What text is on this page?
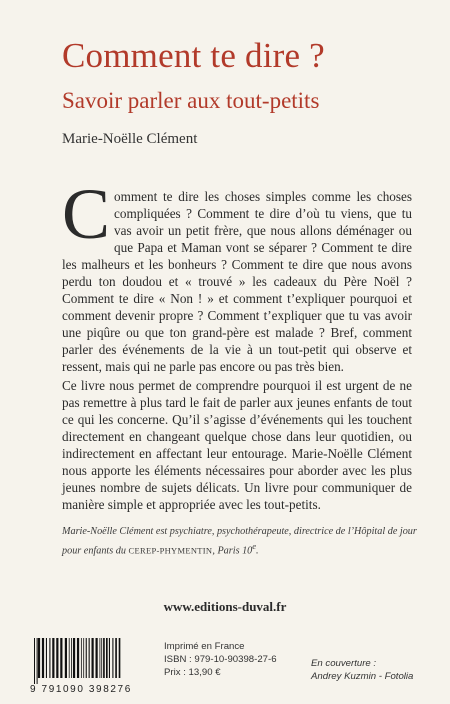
Comment te dire ?
Savoir parler aux tout-petits

Marie-Noëlle Clément

Comment te dire les choses simples comme les choses compliquées ? Comment te dire d’où tu viens, que tu vas avoir un petit frère, que nous allons déménager ou que Papa et Maman vont se séparer ? Comment te dire les malheurs et les bonheurs ? Comment te dire que nous avons perdu ton doudou et « trouvé » les cadeaux du Père Noël ? Comment te dire « Non ! » et comment t’expliquer pourquoi et comment devenir propre ? Comment t’expliquer que tu vas avoir une piqûre ou que ton grand-père est malade ? Bref, comment parler des événements de la vie à un tout-petit qui observe et ressent, mais qui ne parle pas encore ou pas très bien.

Ce livre nous permet de comprendre pourquoi il est urgent de ne pas remettre à plus tard le fait de parler aux jeunes enfants de tout ce qui les concerne. Qu’il s’agisse d’événements qui les touchent directement en changeant quelque chose dans leur quotidien, ou indirectement en affectant leur entourage. Marie-Noëlle Clément nous apporte les éléments nécessaires pour aborder avec les plus jeunes nombre de sujets délicats. Un livre pour communiquer de manière simple et appropriée avec les tout-petits.

Marie-Noëlle Clément est psychiatre, psychothérapeute, directrice de l’Hôpital de jour pour enfants du CEREP-PHYMENTIN, Paris 10e.

www.editions-duval.fr

9 791090 398276
Imprimé en France
ISBN : 979-10-90398-27-6
Prix : 13,90 €
En couverture :
Andrey Kuzmin - Fotolia
